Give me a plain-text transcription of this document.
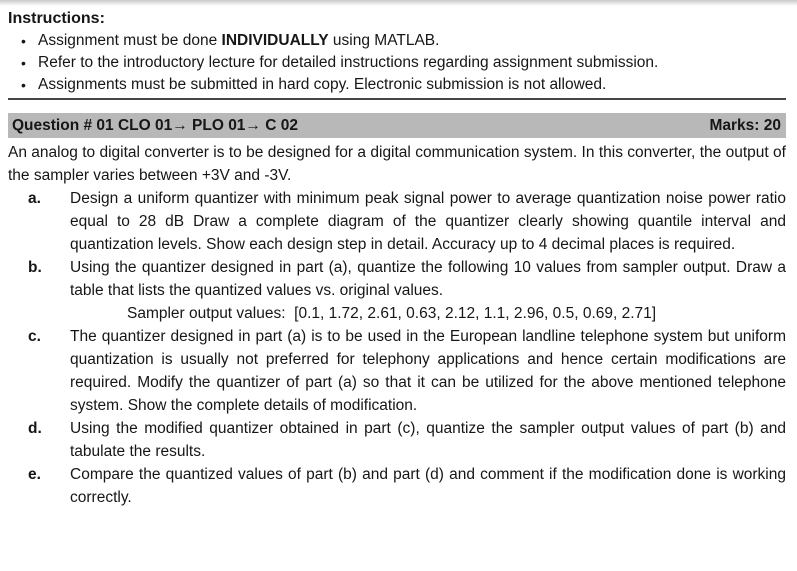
Instructions:
• Assignment must be done INDIVIDUALLY using MATLAB.
• Refer to the introductory lecture for detailed instructions regarding assignment submission.
• Assignments must be submitted in hard copy. Electronic submission is not allowed.
Question # 01 CLO 01→ PLO 01→ C 02	Marks: 20
An analog to digital converter is to be designed for a digital communication system. In this converter, the output of the sampler varies between +3V and -3V.
a. Design a uniform quantizer with minimum peak signal power to average quantization noise power ratio equal to 28 dB Draw a complete diagram of the quantizer clearly showing quantile interval and quantization levels. Show each design step in detail. Accuracy up to 4 decimal places is required.
b. Using the quantizer designed in part (a), quantize the following 10 values from sampler output. Draw a table that lists the quantized values vs. original values.
Sampler output values:  [0.1, 1.72, 2.61, 0.63, 2.12, 1.1, 2.96, 0.5, 0.69, 2.71]
c. The quantizer designed in part (a) is to be used in the European landline telephone system but uniform quantization is usually not preferred for telephony applications and hence certain modifications are required. Modify the quantizer of part (a) so that it can be utilized for the above mentioned telephone system. Show the complete details of modification.
d. Using the modified quantizer obtained in part (c), quantize the sampler output values of part (b) and tabulate the results.
e. Compare the quantized values of part (b) and part (d) and comment if the modification done is working correctly.
